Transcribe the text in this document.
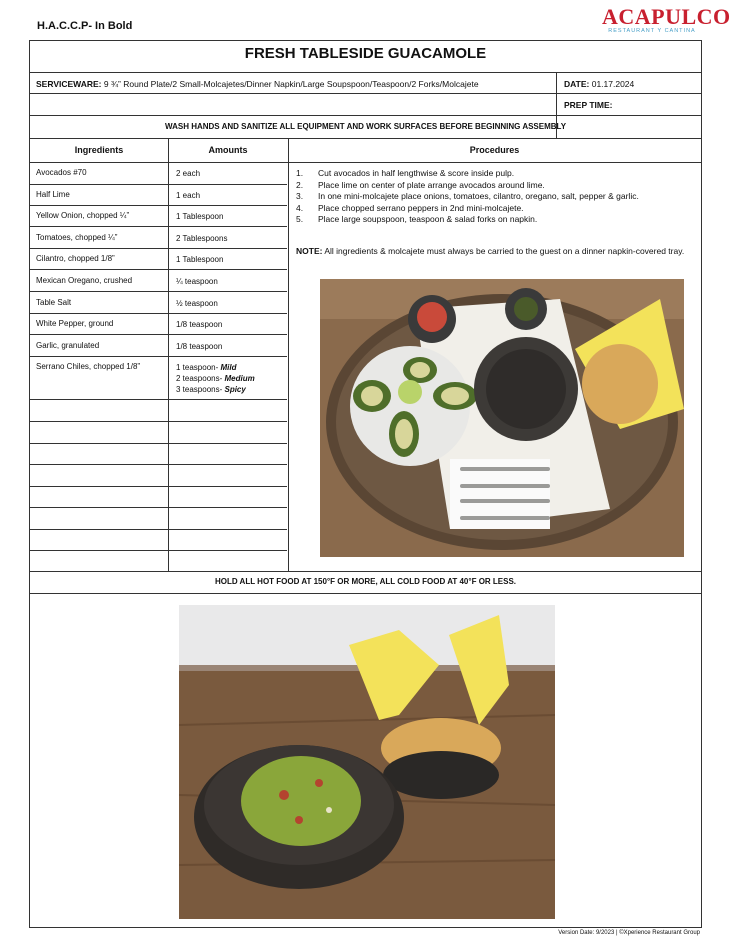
H.A.C.C.P- In Bold	ACAPULCO
RESTAURANT Y CANTINA
FRESH TABLESIDE GUACAMOLE
SERVICEWARE: 9 ¾” Round Plate/2 Small-Molcajetes/Dinner Napkin/Large Soupspoon/Teaspoon/2 Forks/Molcajete	DATE: 01.17.2024
PREP TIME:
WASH HANDS AND SANITIZE ALL EQUIPMENT AND WORK SURFACES BEFORE BEGINNING ASSEMBLY
Ingredients	Amounts	Procedures
Avocados #70	2 each
Half Lime	1 each
Yellow Onion, chopped ¼”	1 Tablespoon
Tomatoes, chopped ¼”	2 Tablespoons
Cilantro, chopped 1/8”	1 Tablespoon
Mexican Oregano, crushed	¼ teaspoon
Table Salt	½ teaspoon
White Pepper, ground	1/8 teaspoon
Garlic, granulated	1/8 teaspoon
Serrano Chiles, chopped 1/8”	1 teaspoon- Mild
2 teaspoons- Medium
3 teaspoons- Spicy
1.	Cut avocados in half lengthwise & score inside pulp.
2.	Place lime on center of plate arrange avocados around lime.
3.	In one mini-molcajete place onions, tomatoes, cilantro, oregano, salt, pepper & garlic.
4.	Place chopped serrano peppers in 2nd mini-molcajete.
5.	Place large soupspoon, teaspoon & salad forks on napkin.
NOTE: All ingredients & molcajete must always be carried to the guest on a dinner napkin-covered tray.
HOLD ALL HOT FOOD AT 150°F OR MORE, ALL COLD FOOD AT 40°F OR LESS.
Version Date: 9/2023 | ©Xperience Restaurant Group
